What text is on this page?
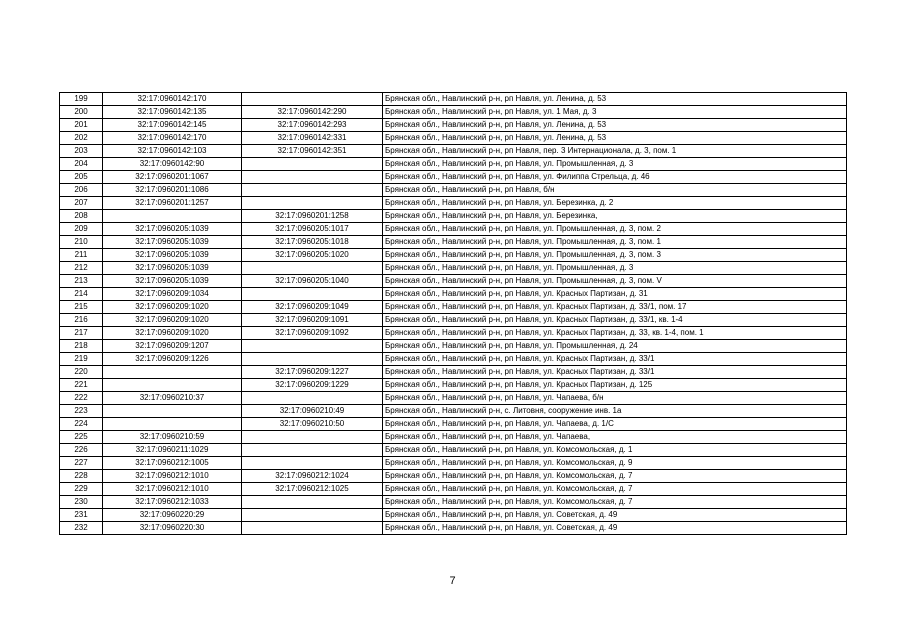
199	32:17:0960142:170		Брянская обл., Навлинский р-н, рп Навля, ул. Ленина, д. 53
200	32:17:0960142:135	32:17:0960142:290	Брянская обл., Навлинский р-н, рп Навля, ул. 1 Мая, д. 3
201	32:17:0960142:145	32:17:0960142:293	Брянская обл., Навлинский р-н, рп Навля, ул. Ленина, д. 53
202	32:17:0960142:170	32:17:0960142:331	Брянская обл., Навлинский р-н, рп Навля, ул. Ленина, д. 53
203	32:17:0960142:103	32:17:0960142:351	Брянская обл., Навлинский р-н, рп Навля, пер. 3 Интернационала, д. 3, пом. 1
204	32:17:0960142:90		Брянская обл., Навлинский р-н, рп Навля, ул. Промышленная, д. 3
205	32:17:0960201:1067		Брянская обл., Навлинский р-н, рп Навля, ул. Филиппа Стрельца, д. 46
206	32:17:0960201:1086		Брянская обл., Навлинский р-н, рп Навля, б/н
207	32:17:0960201:1257		Брянская обл., Навлинский р-н, рп Навля, ул. Березинка, д. 2
208		32:17:0960201:1258	Брянская обл., Навлинский р-н, рп Навля, ул. Березинка,
209	32:17:0960205:1039	32:17:0960205:1017	Брянская обл., Навлинский р-н, рп Навля, ул. Промышленная, д. 3, пом. 2
210	32:17:0960205:1039	32:17:0960205:1018	Брянская обл., Навлинский р-н, рп Навля, ул. Промышленная, д. 3, пом. 1
211	32:17:0960205:1039	32:17:0960205:1020	Брянская обл., Навлинский р-н, рп Навля, ул. Промышленная, д. 3, пом. 3
212	32:17:0960205:1039		Брянская обл., Навлинский р-н, рп Навля, ул. Промышленная, д. 3
213	32:17:0960205:1039	32:17:0960205:1040	Брянская обл., Навлинский р-н, рп Навля, ул. Промышленная, д. 3, пом. V
214	32:17:0960209:1034		Брянская обл., Навлинский р-н, рп Навля, ул. Красных Партизан, д. 31
215	32:17:0960209:1020	32:17:0960209:1049	Брянская обл., Навлинский р-н, рп Навля, ул. Красных Партизан, д. 33/1, пом. 17
216	32:17:0960209:1020	32:17:0960209:1091	Брянская обл., Навлинский р-н, рп Навля, ул. Красных Партизан, д. 33/1, кв. 1-4
217	32:17:0960209:1020	32:17:0960209:1092	Брянская обл., Навлинский р-н, рп Навля, ул. Красных Партизан, д. 33, кв. 1-4, пом. 1
218	32:17:0960209:1207		Брянская обл., Навлинский р-н, рп Навля, ул. Промышленная, д. 24
219	32:17:0960209:1226		Брянская обл., Навлинский р-н, рп Навля, ул. Красных Партизан, д. 33/1
220		32:17:0960209:1227	Брянская обл., Навлинский р-н, рп Навля, ул. Красных Партизан, д. 33/1
221		32:17:0960209:1229	Брянская обл., Навлинский р-н, рп Навля, ул. Красных Партизан, д. 125
222	32:17:0960210:37		Брянская обл., Навлинский р-н, рп Навля, ул. Чапаева, б/н
223		32:17:0960210:49	Брянская обл., Навлинский р-н, с. Литовня, сооружение инв. 1а
224		32:17:0960210:50	Брянская обл., Навлинский р-н, рп Навля, ул. Чапаева, д. 1/С
225	32:17:0960210:59		Брянская обл., Навлинский р-н, рп Навля, ул. Чапаева,
226	32:17:0960211:1029		Брянская обл., Навлинский р-н, рп Навля, ул. Комсомольская, д. 1
227	32:17:0960212:1005		Брянская обл., Навлинский р-н, рп Навля, ул. Комсомольская, д. 9
228	32:17:0960212:1010	32:17:0960212:1024	Брянская обл., Навлинский р-н, рп Навля, ул. Комсомольская, д. 7
229	32:17:0960212:1010	32:17:0960212:1025	Брянская обл., Навлинский р-н, рп Навля, ул. Комсомольская, д. 7
230	32:17:0960212:1033		Брянская обл., Навлинский р-н, рп Навля, ул. Комсомольская, д. 7
231	32:17:0960220:29		Брянская обл., Навлинский р-н, рп Навля, ул. Советская, д. 49
232	32:17:0960220:30		Брянская обл., Навлинский р-н, рп Навля, ул. Советская, д. 49
7
